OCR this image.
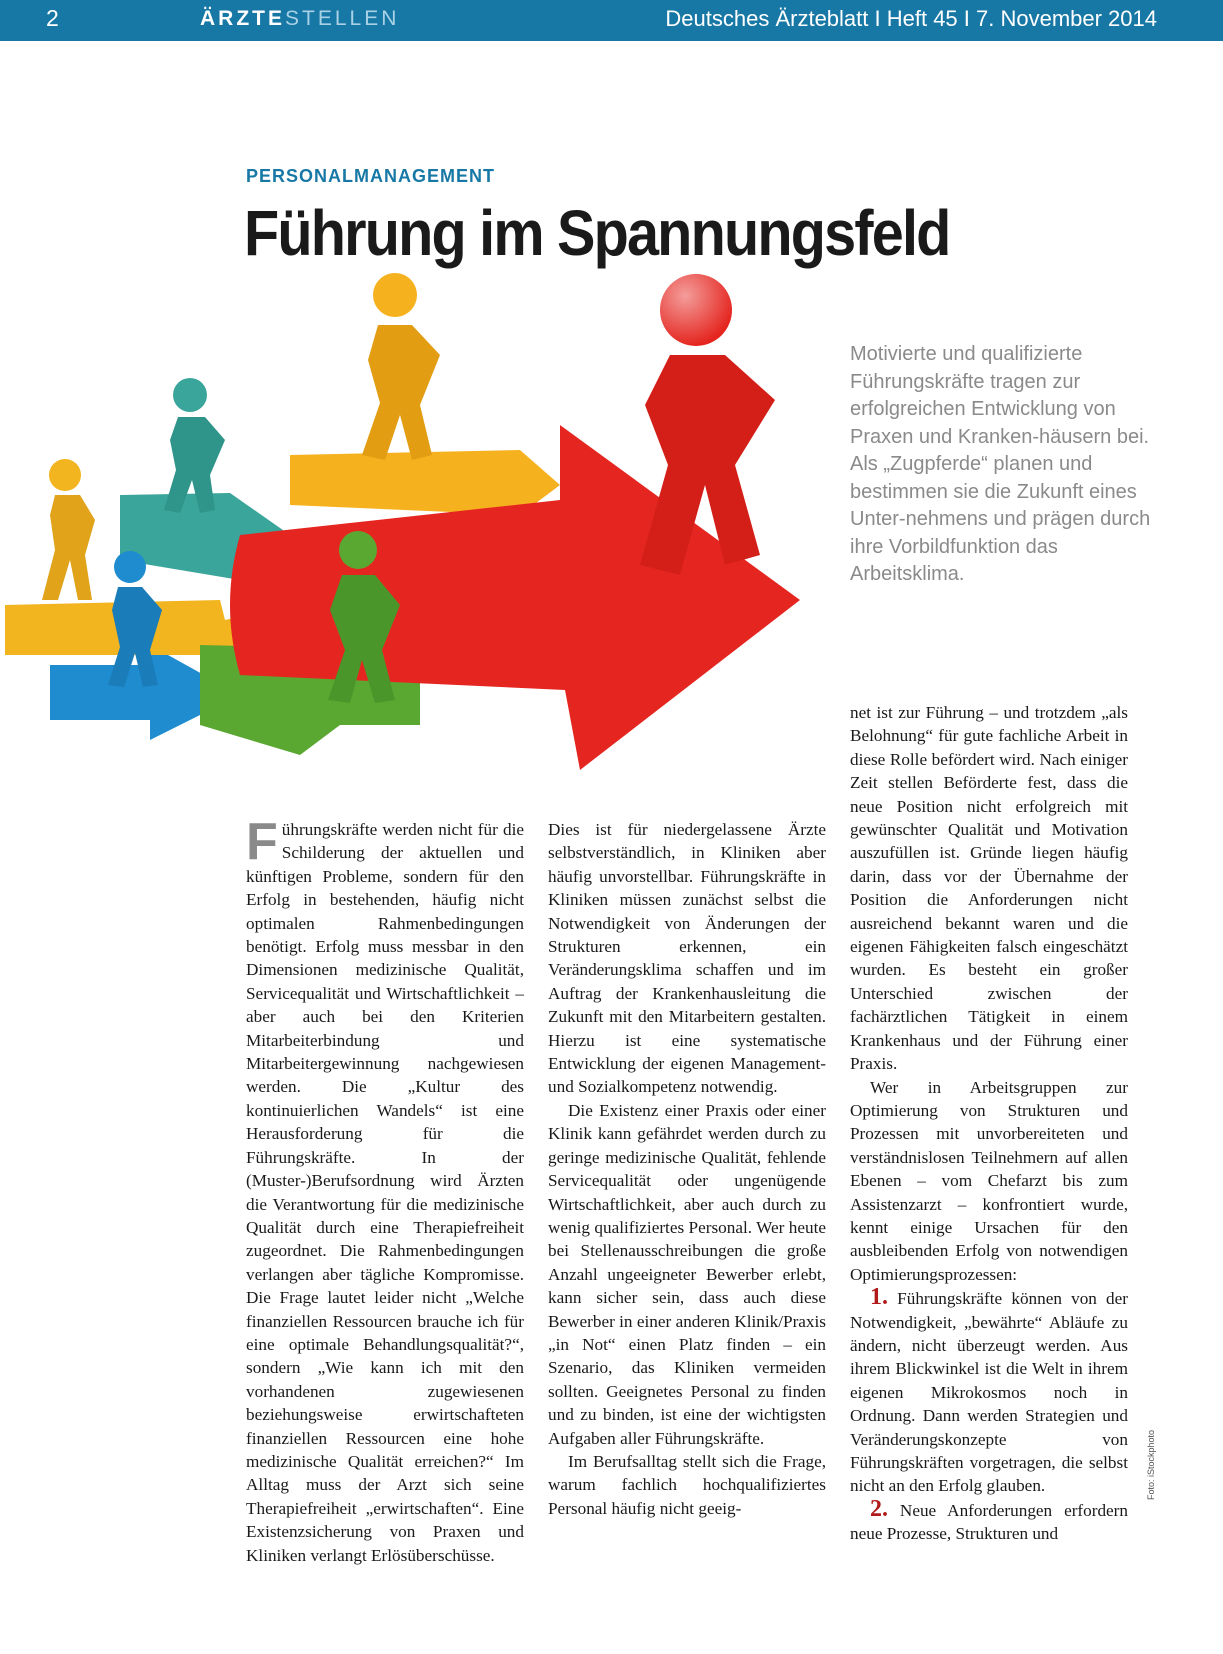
2	ÄRZTESTELLEN	Deutsches Ärzteblatt I Heft 45 I 7. November 2014
PERSONALMANAGEMENT
Führung im Spannungsfeld
Motivierte und qualifizierte Führungskräfte tragen zur erfolgreichen Entwicklung von Praxen und Kranken-häusern bei. Als „Zugpferde“ planen und bestimmen sie die Zukunft eines Unter-nehmens und prägen durch ihre Vorbildfunktion das Arbeitsklima.

Führungskräfte werden nicht für die Schilderung der aktuellen und künftigen Probleme, sondern für den Erfolg in bestehenden, häufig nicht optimalen Rahmenbedingungen benötigt. Erfolg muss messbar in den Dimensionen medizinische Qualität, Servicequalität und Wirtschaftlichkeit – aber auch bei den Kriterien Mitarbeiterbindung und Mitarbeitergewinnung nachgewiesen werden. Die „Kultur des kontinuierlichen Wandels“ ist eine Herausforderung für die Führungskräfte. In der (Muster-)Berufsordnung wird Ärzten die Verantwortung für die medizinische Qualität durch eine Therapiefreiheit zugeordnet. Die Rahmenbedingungen verlangen aber tägliche Kompromisse. Die Frage lautet leider nicht „Welche finanziellen Ressourcen brauche ich für eine optimale Behandlungsqualität?“, sondern „Wie kann ich mit den vorhandenen zugewiesenen beziehungsweise erwirtschafteten finanziellen Ressourcen eine hohe medizinische Qualität erreichen?“ Im Alltag muss der Arzt sich seine Therapiefreiheit „erwirtschaften“. Eine Existenzsicherung von Praxen und Kliniken verlangt Erlösüberschüsse.

Dies ist für niedergelassene Ärzte selbstverständlich, in Kliniken aber häufig unvorstellbar. Führungskräfte in Kliniken müssen zunächst selbst die Notwendigkeit von Änderungen der Strukturen erkennen, ein Veränderungsklima schaffen und im Auftrag der Krankenhausleitung die Zukunft mit den Mitarbeitern gestalten. Hierzu ist eine systematische Entwicklung der eigenen Management- und Sozialkompetenz notwendig.

Die Existenz einer Praxis oder einer Klinik kann gefährdet werden durch zu geringe medizinische Qualität, fehlende Servicequalität oder ungenügende Wirtschaftlichkeit, aber auch durch zu wenig qualifiziertes Personal. Wer heute bei Stellenausschreibungen die große Anzahl ungeeigneter Bewerber erlebt, kann sicher sein, dass auch diese Bewerber in einer anderen Klinik/Praxis „in Not“ einen Platz finden – ein Szenario, das Kliniken vermeiden sollten. Geeignetes Personal zu finden und zu binden, ist eine der wichtigsten Aufgaben aller Führungskräfte.

Im Berufsalltag stellt sich die Frage, warum fachlich hochqualifiziertes Personal häufig nicht geeig-

net ist zur Führung – und trotzdem „als Belohnung“ für gute fachliche Arbeit in diese Rolle befördert wird. Nach einiger Zeit stellen Beförderte fest, dass die neue Position nicht erfolgreich mit gewünschter Qualität und Motivation auszufüllen ist. Gründe liegen häufig darin, dass vor der Übernahme der Position die Anforderungen nicht ausreichend bekannt waren und die eigenen Fähigkeiten falsch eingeschätzt wurden. Es besteht ein großer Unterschied zwischen der fachärztlichen Tätigkeit in einem Krankenhaus und der Führung einer Praxis.

Wer in Arbeitsgruppen zur Optimierung von Strukturen und Prozessen mit unvorbereiteten und verständnislosen Teilnehmern auf allen Ebenen – vom Chefarzt bis zum Assistenzarzt – konfrontiert wurde, kennt einige Ursachen für den ausbleibenden Erfolg von notwendigen Optimierungsprozessen:

1. Führungskräfte können von der Notwendigkeit, „bewährte“ Abläufe zu ändern, nicht überzeugt werden. Aus ihrem Blickwinkel ist die Welt in ihrem eigenen Mikrokosmos noch in Ordnung. Dann werden Strategien und Veränderungskonzepte von Führungskräften vorgetragen, die selbst nicht an den Erfolg glauben.

2. Neue Anforderungen erfordern neue Prozesse, Strukturen und

Foto: iStockphoto
